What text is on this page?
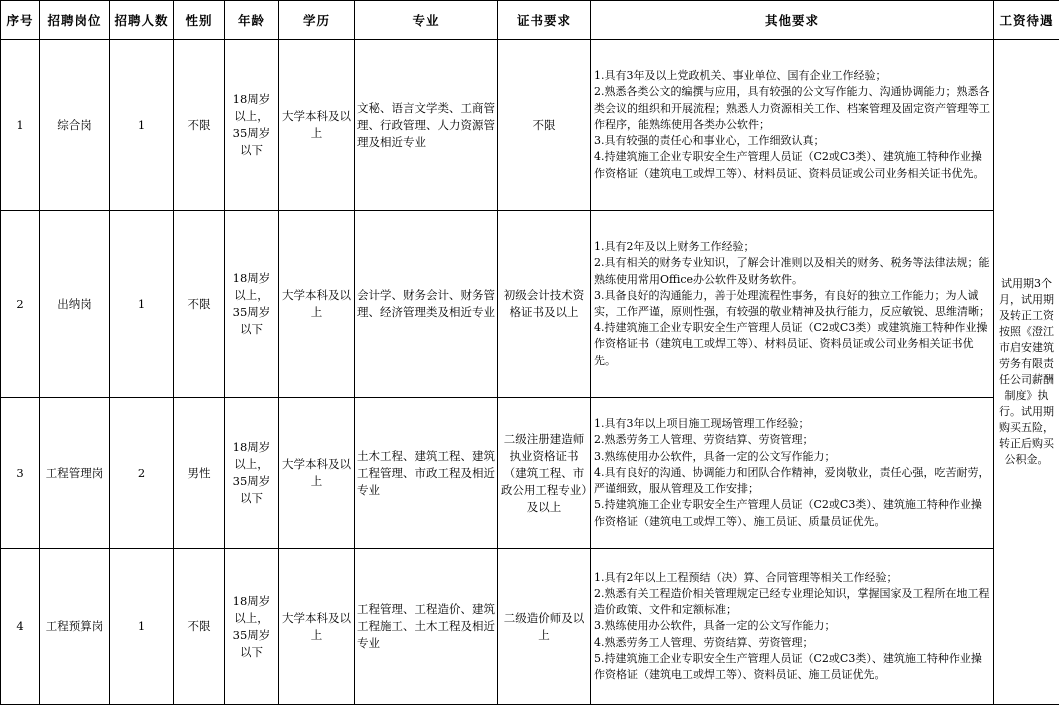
序号	招聘岗位	招聘人数	性别	年龄	学历	专业	证书要求	其他要求	工资待遇
1	综合岗	1	不限	18周岁以上，35周岁以下	大学本科及以上	文秘、语言文学类、工商管理、行政管理、人力资源管理及相近专业	不限	1.具有3年及以上党政机关、事业单位、国有企业工作经验；
2.熟悉各类公文的编撰与应用，具有较强的公文写作能力、沟通协调能力；熟悉各类会议的组织和开展流程；熟悉人力资源相关工作、档案管理及固定资产管理等工作程序，能熟练使用各类办公软件；
3.具有较强的责任心和事业心，工作细致认真；
4.持建筑施工企业专职安全生产管理人员证（C2或C3类）、建筑施工特种作业操作资格证（建筑电工或焊工等）、材料员证、资料员证或公司业务相关证书优先。	试用期3个月，试用期及转正工资按照《澄江市启安建筑劳务有限责任公司薪酬制度》执行。试用期购买五险，转正后购买公积金。
2	出纳岗	1	不限	18周岁以上，35周岁以下	大学本科及以上	会计学、财务会计、财务管理、经济管理类及相近专业	初级会计技术资格证书及以上	1.具有2年及以上财务工作经验；
2.具有相关的财务专业知识，了解会计准则以及相关的财务、税务等法律法规；能熟练使用常用Office办公软件及财务软件。
3.具备良好的沟通能力，善于处理流程性事务，有良好的独立工作能力；为人诚实，工作严谨，原则性强，有较强的敬业精神及执行能力，反应敏锐、思维清晰；
4.持建筑施工企业专职安全生产管理人员证（C2或C3类）或建筑施工特种作业操作资格证书（建筑电工或焊工等）、材料员证、资料员证或公司业务相关证书优先。	

3	工程管理岗	2	男性	18周岁以上，35周岁以下	大学本科及以上	土木工程、建筑工程、建筑工程管理、市政工程及相近专业	二级注册建造师执业资格证书（建筑工程、市政公用工程专业）及以上	1.具有3年以上项目施工现场管理工作经验；
2.熟悉劳务工人管理、劳资结算、劳资管理；
3.熟练使用办公软件，具备一定的公文写作能力；
4.具有良好的沟通、协调能力和团队合作精神，爱岗敬业，责任心强，吃苦耐劳，严谨细致，服从管理及工作安排；
5.持建筑施工企业专职安全生产管理人员证（C2或C3类）、建筑施工特种作业操作资格证（建筑电工或焊工等）、施工员证、质量员证优先。	

4	工程预算岗	1	不限	18周岁以上，35周岁以下	大学本科及以上	工程管理、工程造价、建筑工程施工、土木工程及相近专业	二级造价师及以上	1.具有2年以上工程预结（决）算、合同管理等相关工作经验；
2.熟悉有关工程造价相关管理规定已经专业理论知识，掌握国家及工程所在地工程造价政策、文件和定额标准；
3.熟练使用办公软件，具备一定的公文写作能力；
4.熟悉劳务工人管理、劳资结算、劳资管理；
5.持建筑施工企业专职安全生产管理人员证（C2或C3类）、建筑施工特种作业操作资格证（建筑电工或焊工等）、资料员证、施工员证优先。	
